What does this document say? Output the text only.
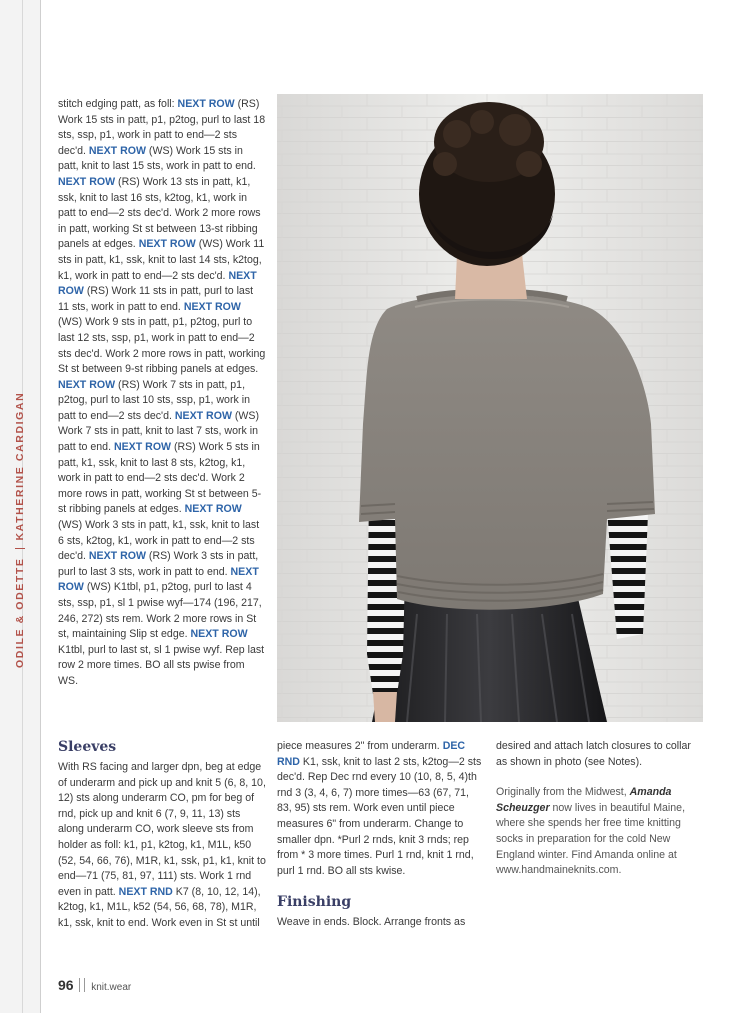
ODILE & ODETTEKATHERINE CARDIGAN

stitch edging patt, as foll: NEXT ROW (RS) Work 15 sts in patt, p1, p2tog, purl to last 18 sts, ssp, p1, work in patt to end—2 sts dec'd. NEXT ROW (WS) Work 15 sts in patt, knit to last 15 sts, work in patt to end. NEXT ROW (RS) Work 13 sts in patt, k1, ssk, knit to last 16 sts, k2tog, k1, work in patt to end—2 sts dec'd. Work 2 more rows in patt, working St st between 13-st ribbing panels at edges. NEXT ROW (WS) Work 11 sts in patt, k1, ssk, knit to last 14 sts, k2tog, k1, work in patt to end—2 sts dec'd. NEXT ROW (RS) Work 11 sts in patt, purl to last 11 sts, work in patt to end. NEXT ROW (WS) Work 9 sts in patt, p1, p2tog, purl to last 12 sts, ssp, p1, work in patt to end—2 sts dec'd. Work 2 more rows in patt, working St st between 9-st ribbing panels at edges. NEXT ROW (RS) Work 7 sts in patt, p1, p2tog, purl to last 10 sts, ssp, p1, work in patt to end—2 sts dec'd. NEXT ROW (WS) Work 7 sts in patt, knit to last 7 sts, work in patt to end. NEXT ROW (RS) Work 5 sts in patt, k1, ssk, knit to last 8 sts, k2tog, k1, work in patt to end—2 sts dec'd. Work 2 more rows in patt, working St st between 5-st ribbing panels at edges. NEXT ROW (WS) Work 3 sts in patt, k1, ssk, knit to last 6 sts, k2tog, k1, work in patt to end—2 sts dec'd. NEXT ROW (RS) Work 3 sts in patt, purl to last 3 sts, work in patt to end. NEXT ROW (WS) K1tbl, p1, p2tog, purl to last 4 sts, ssp, p1, sl 1 pwise wyf—174 (196, 217, 246, 272) sts rem. Work 2 more rows in St st, maintaining Slip st edge. NEXT ROW K1tbl, purl to last st, sl 1 pwise wyf. Rep last row 2 more times. BO all sts pwise from WS.

Sleeves

With RS facing and larger dpn, beg at edge of underarm and pick up and knit 5 (6, 8, 10, 12) sts along underarm CO, pm for beg of rnd, pick up and knit 6 (7, 9, 11, 13) sts along underarm CO, work sleeve sts from holder as foll: k1, p1, k2tog, k1, M1L, k50 (52, 54, 66, 76), M1R, k1, ssk, p1, k1, knit to end—71 (75, 81, 97, 111) sts. Work 1 rnd even in patt. NEXT RND K7 (8, 10, 12, 14), k2tog, k1, M1L, k52 (54, 56, 68, 78), M1R, k1, ssk, knit to end. Work even in St st until

piece measures 2" from underarm. DEC RND K1, ssk, knit to last 2 sts, k2tog—2 sts dec'd. Rep Dec rnd every 10 (10, 8, 5, 4)th rnd 3 (3, 4, 6, 7) more times—63 (67, 71, 83, 95) sts rem. Work even until piece measures 6" from underarm. Change to smaller dpn. *Purl 2 rnds, knit 3 rnds; rep from * 3 more times. Purl 1 rnd, knit 1 rnd, purl 1 rnd. BO all sts kwise.

Finishing

Weave in ends. Block. Arrange fronts as

desired and attach latch closures to collar as shown in photo (see Notes).

Originally from the Midwest, Amanda Scheuzger now lives in beautiful Maine, where she spends her free time knitting socks in preparation for the cold New England winter. Find Amanda online at www.handmaineknits.com.

96 knit.wear
